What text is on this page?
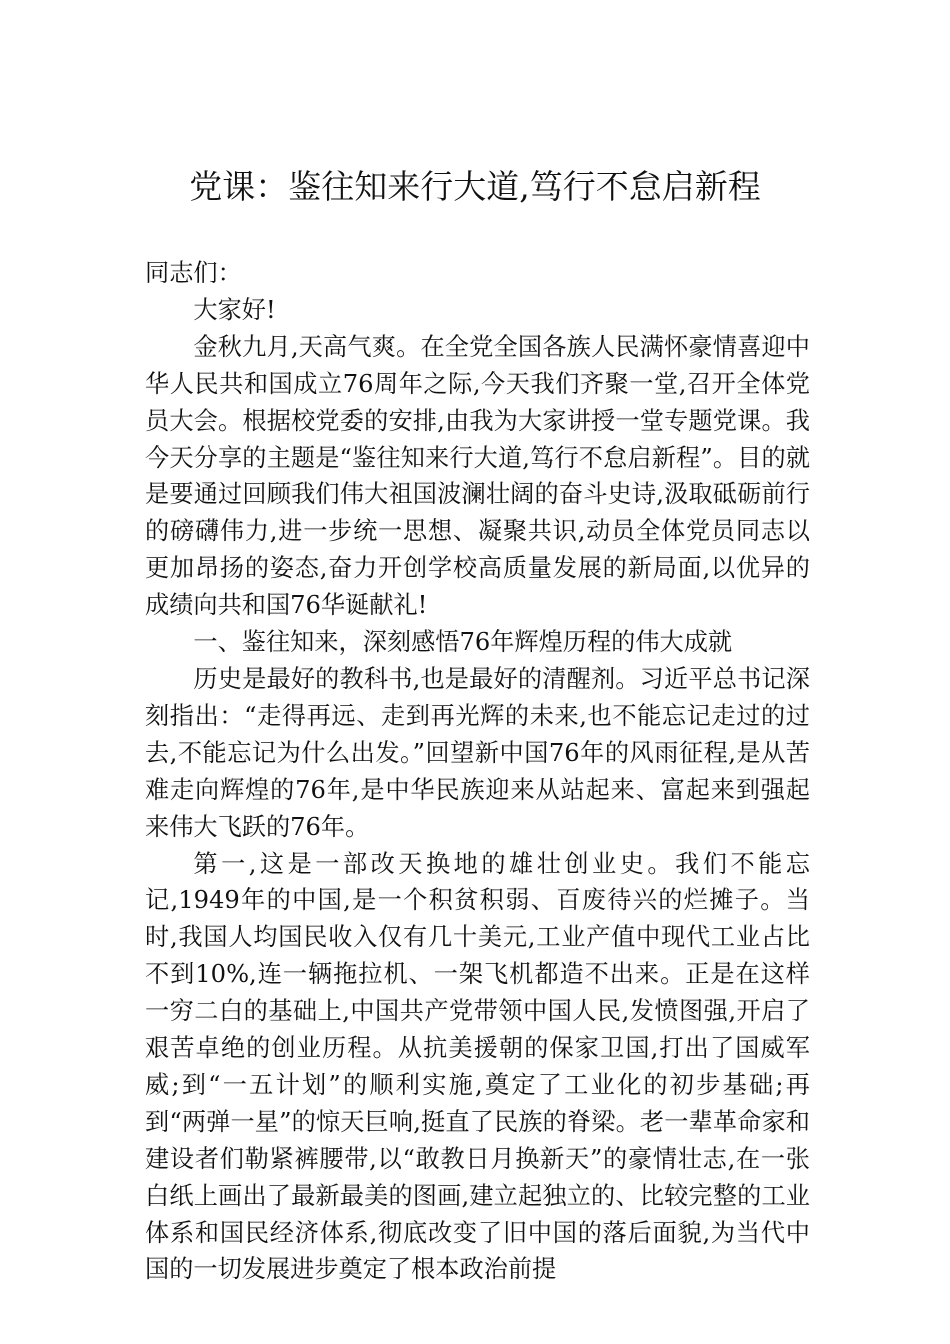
党课：鉴往知来行大道,笃行不怠启新程

同志们：

大家好!

金秋九月,天高气爽。在全党全国各族人民满怀豪情喜迎中华人民共和国成立76周年之际,今天我们齐聚一堂,召开全体党员大会。根据校党委的安排,由我为大家讲授一堂专题党课。我今天分享的主题是“鉴往知来行大道,笃行不怠启新程”。目的就是要通过回顾我们伟大祖国波澜壮阔的奋斗史诗,汲取砥砺前行的磅礴伟力,进一步统一思想、凝聚共识,动员全体党员同志以更加昂扬的姿态,奋力开创学校高质量发展的新局面,以优异的成绩向共和国76华诞献礼!

一、鉴往知来，深刻感悟76年辉煌历程的伟大成就

历史是最好的教科书,也是最好的清醒剂。习近平总书记深刻指出：“走得再远、走到再光辉的未来,也不能忘记走过的过去,不能忘记为什么出发。”回望新中国76年的风雨征程,是从苦难走向辉煌的76年,是中华民族迎来从站起来、富起来到强起来伟大飞跃的76年。

第一,这是一部改天换地的雄壮创业史。我们不能忘记,1949年的中国,是一个积贫积弱、百废待兴的烂摊子。当时,我国人均国民收入仅有几十美元,工业产值中现代工业占比不到10%,连一辆拖拉机、一架飞机都造不出来。正是在这样一穷二白的基础上,中国共产党带领中国人民,发愤图强,开启了艰苦卓绝的创业历程。从抗美援朝的保家卫国,打出了国威军威;到“一五计划”的顺利实施,奠定了工业化的初步基础;再到“两弹一星”的惊天巨响,挺直了民族的脊梁。老一辈革命家和建设者们勒紧裤腰带,以“敢教日月换新天”的豪情壮志,在一张白纸上画出了最新最美的图画,建立起独立的、比较完整的工业体系和国民经济体系,彻底改变了旧中国的落后面貌,为当代中国的一切发展进步奠定了根本政治前提
